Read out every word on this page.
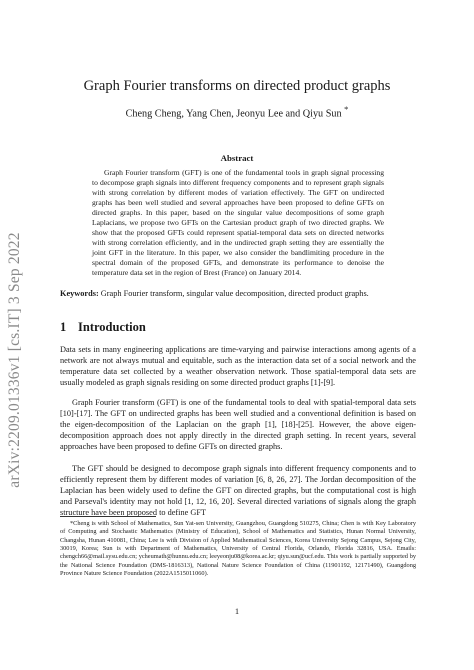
arXiv:2209.01336v1 [cs.IT] 3 Sep 2022
Graph Fourier transforms on directed product graphs
Cheng Cheng, Yang Chen, Jeonyu Lee and Qiyu Sun *
Abstract

Graph Fourier transform (GFT) is one of the fundamental tools in graph signal processing to decompose graph signals into different frequency components and to represent graph signals with strong correlation by different modes of variation effectively. The GFT on undirected graphs has been well studied and several approaches have been proposed to define GFTs on directed graphs. In this paper, based on the singular value decompositions of some graph Laplacians, we propose two GFTs on the Cartesian product graph of two directed graphs. We show that the proposed GFTs could represent spatial-temporal data sets on directed networks with strong correlation efficiently, and in the undirected graph setting they are essentially the joint GFT in the literature. In this paper, we also consider the bandlimiting procedure in the spectral domain of the proposed GFTs, and demonstrate its performance to denoise the temperature data set in the region of Brest (France) on January 2014.

Keywords: Graph Fourier transform, singular value decomposition, directed product graphs.

1 Introduction

Data sets in many engineering applications are time-varying and pairwise interactions among agents of a network are not always mutual and equitable, such as the interaction data set of a social network and the temperature data set collected by a weather observation network. Those spatial-temporal data sets are usually modeled as graph signals residing on some directed product graphs [1]-[9].

Graph Fourier transform (GFT) is one of the fundamental tools to deal with spatial-temporal data sets [10]-[17]. The GFT on undirected graphs has been well studied and a conventional definition is based on the eigen-decomposition of the Laplacian on the graph [1], [18]-[25]. However, the above eigen-decomposition approach does not apply directly in the directed graph setting. In recent years, several approaches have been proposed to define GFTs on directed graphs.

The GFT should be designed to decompose graph signals into different frequency components and to efficiently represent them by different modes of variation [6, 8, 26, 27]. The Jordan decomposition of the Laplacian has been widely used to define the GFT on directed graphs, but the computational cost is high and Parseval's identity may not hold [1, 12, 16, 20]. Several directed variations of signals along the graph structure have been proposed to define GFT

*Cheng is with School of Mathematics, Sun Yat-sen University, Guangzhou, Guangdong 510275, China; Chen is with Key Laboratory of Computing and Stochastic Mathematics (Ministry of Education), School of Mathematics and Statistics, Hunan Normal University, Changsha, Hunan 410081, China; Lee is with Division of Applied Mathematical Sciences, Korea University Sejong Campus, Sejong City, 30019, Korea; Sun is with Department of Mathematics, University of Central Florida, Orlando, Florida 32816, USA. Emails: chengch66@mail.sysu.edu.cn; ycheumath@hunnu.edu.cn; leeyeonju08@korea.ac.kr; qiyu.sun@ucf.edu. This work is partially supported by the National Science Foundation (DMS-1816313), National Nature Science Foundation of China (11901192, 12171490), Guangdong Province Nature Science Foundation (2022A1515011060).

1
